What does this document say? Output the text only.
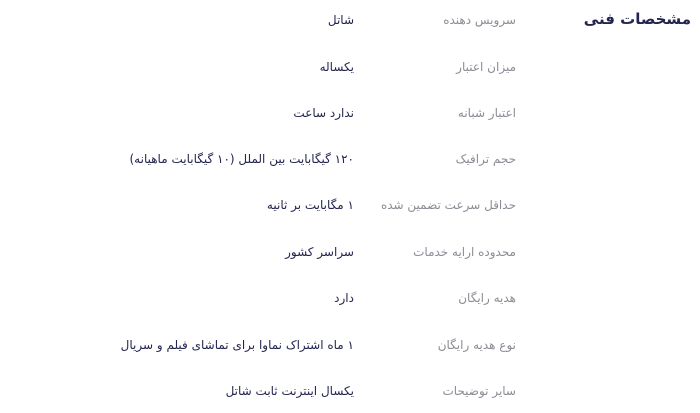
مشخصات فنی
سرویس دهنده
شاتل
میزان اعتبار
یکساله
اعتبار شبانه
ندارد ساعت
حجم ترافیک
۱۲۰ گیگابایت بین الملل (۱۰ گیگابایت ماهیانه)
حداقل سرعت تضمین شده
۱ مگابایت بر ثانیه
محدوده ارایه خدمات
سراسر کشور
هدیه رایگان
دارد
نوع هدیه رایگان
۱ ماه اشتراک نماوا برای تماشای فیلم و سریال
سایر توضیحات
یکسال اینترنت ثابت شاتل
